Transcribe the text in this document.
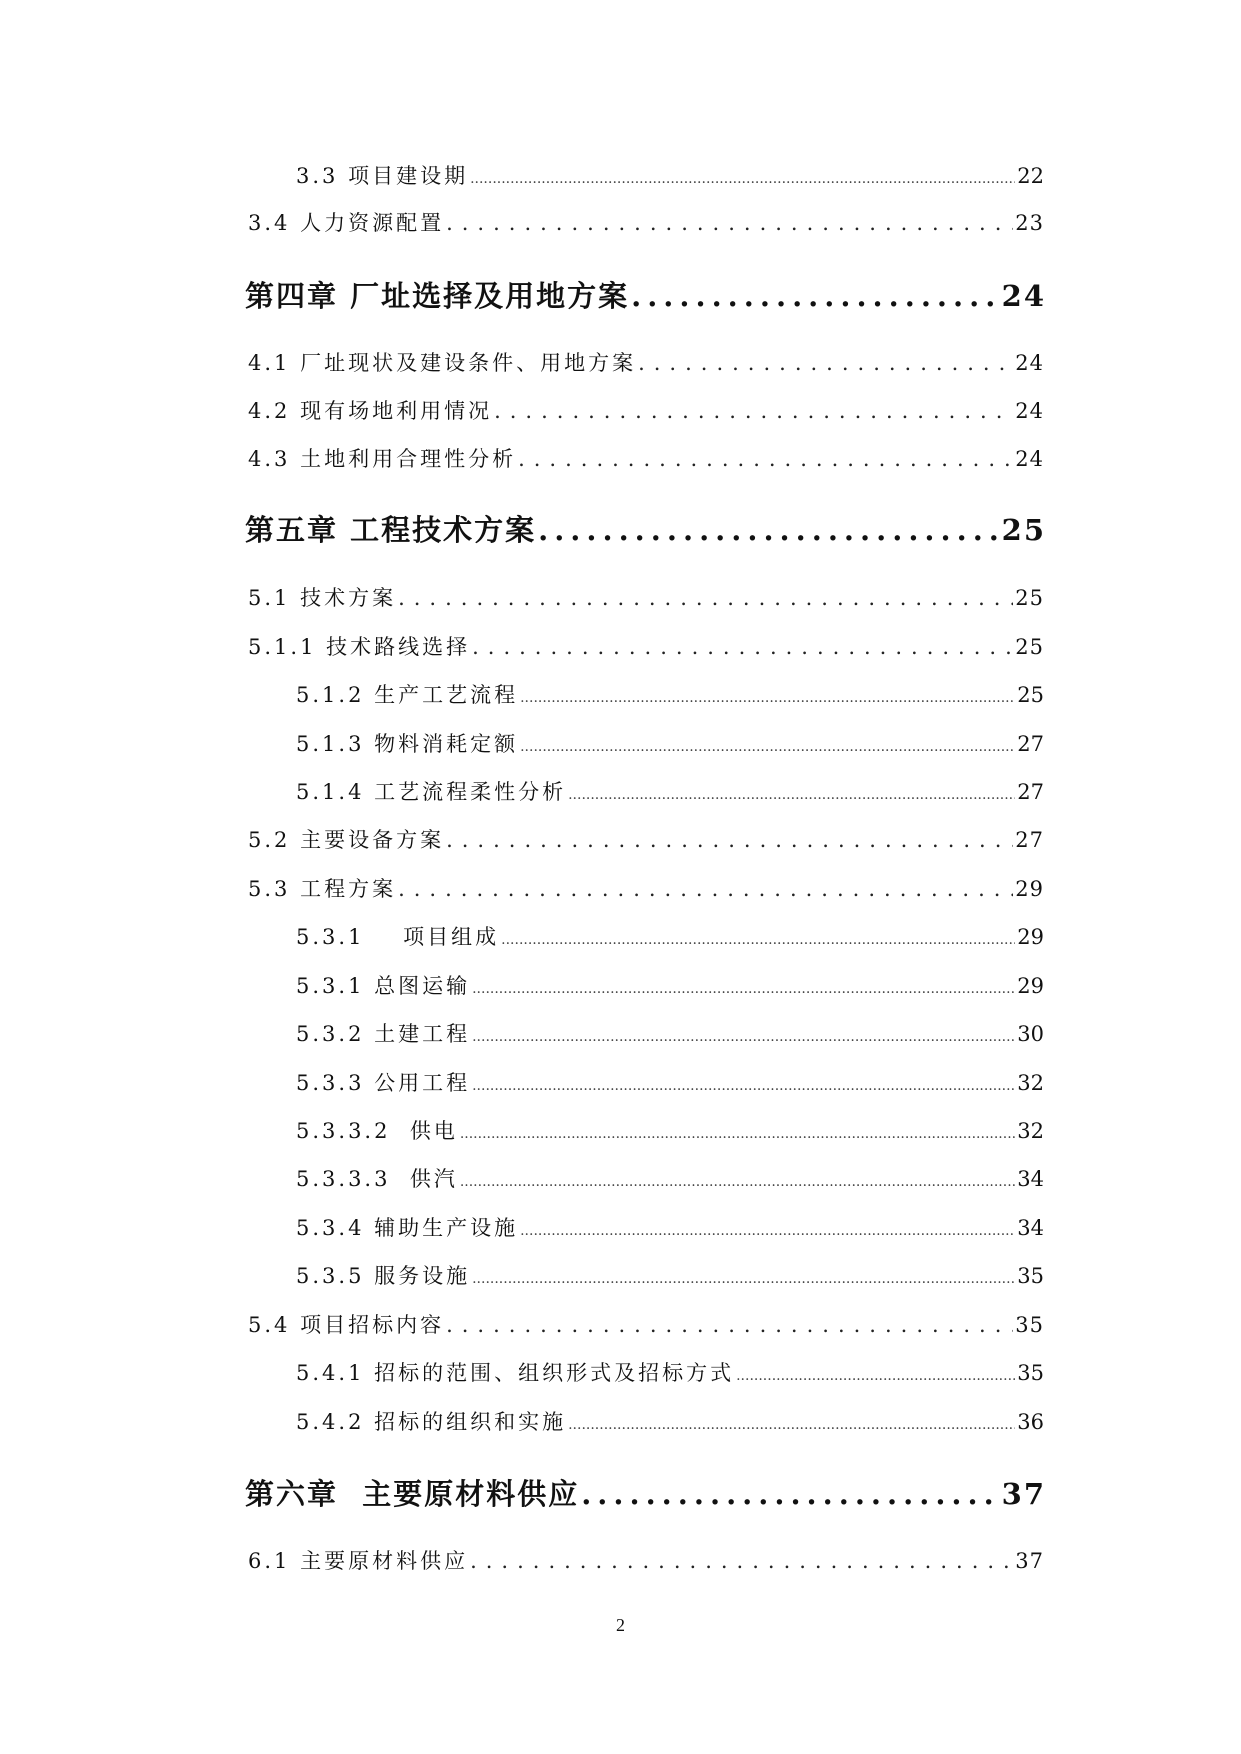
3.3 项目建设期 .....	22
3.4 人力资源配置 .....	23
第四章 厂址选择及用地方案 .....	24
4.1 厂址现状及建设条件、用地方案 .....	24
4.2 现有场地利用情况 .....	24
4.3 土地利用合理性分析 .....	24
第五章 工程技术方案 .....	25
5.1 技术方案 .....	25
5.1.1 技术路线选择 .....	25
5.1.2 生产工艺流程 .....	25
5.1.3 物料消耗定额 .....	27
5.1.4 工艺流程柔性分析 .....	27
5.2 主要设备方案 .....	27
5.3 工程方案 .....	29
5.3.1    项目组成 .....	29
5.3.1 总图运输 .....	29
5.3.2 土建工程 .....	30
5.3.3 公用工程 .....	32
5.3.3.2  供电 .....	32
5.3.3.3  供汽 .....	34
5.3.4 辅助生产设施 .....	34
5.3.5 服务设施 .....	35
5.4 项目招标内容 .....	35
5.4.1 招标的范围、组织形式及招标方式 .....	35
5.4.2 招标的组织和实施 .....	36
第六章  主要原材料供应 .....	37
6.1 主要原材料供应 .....	37
2
